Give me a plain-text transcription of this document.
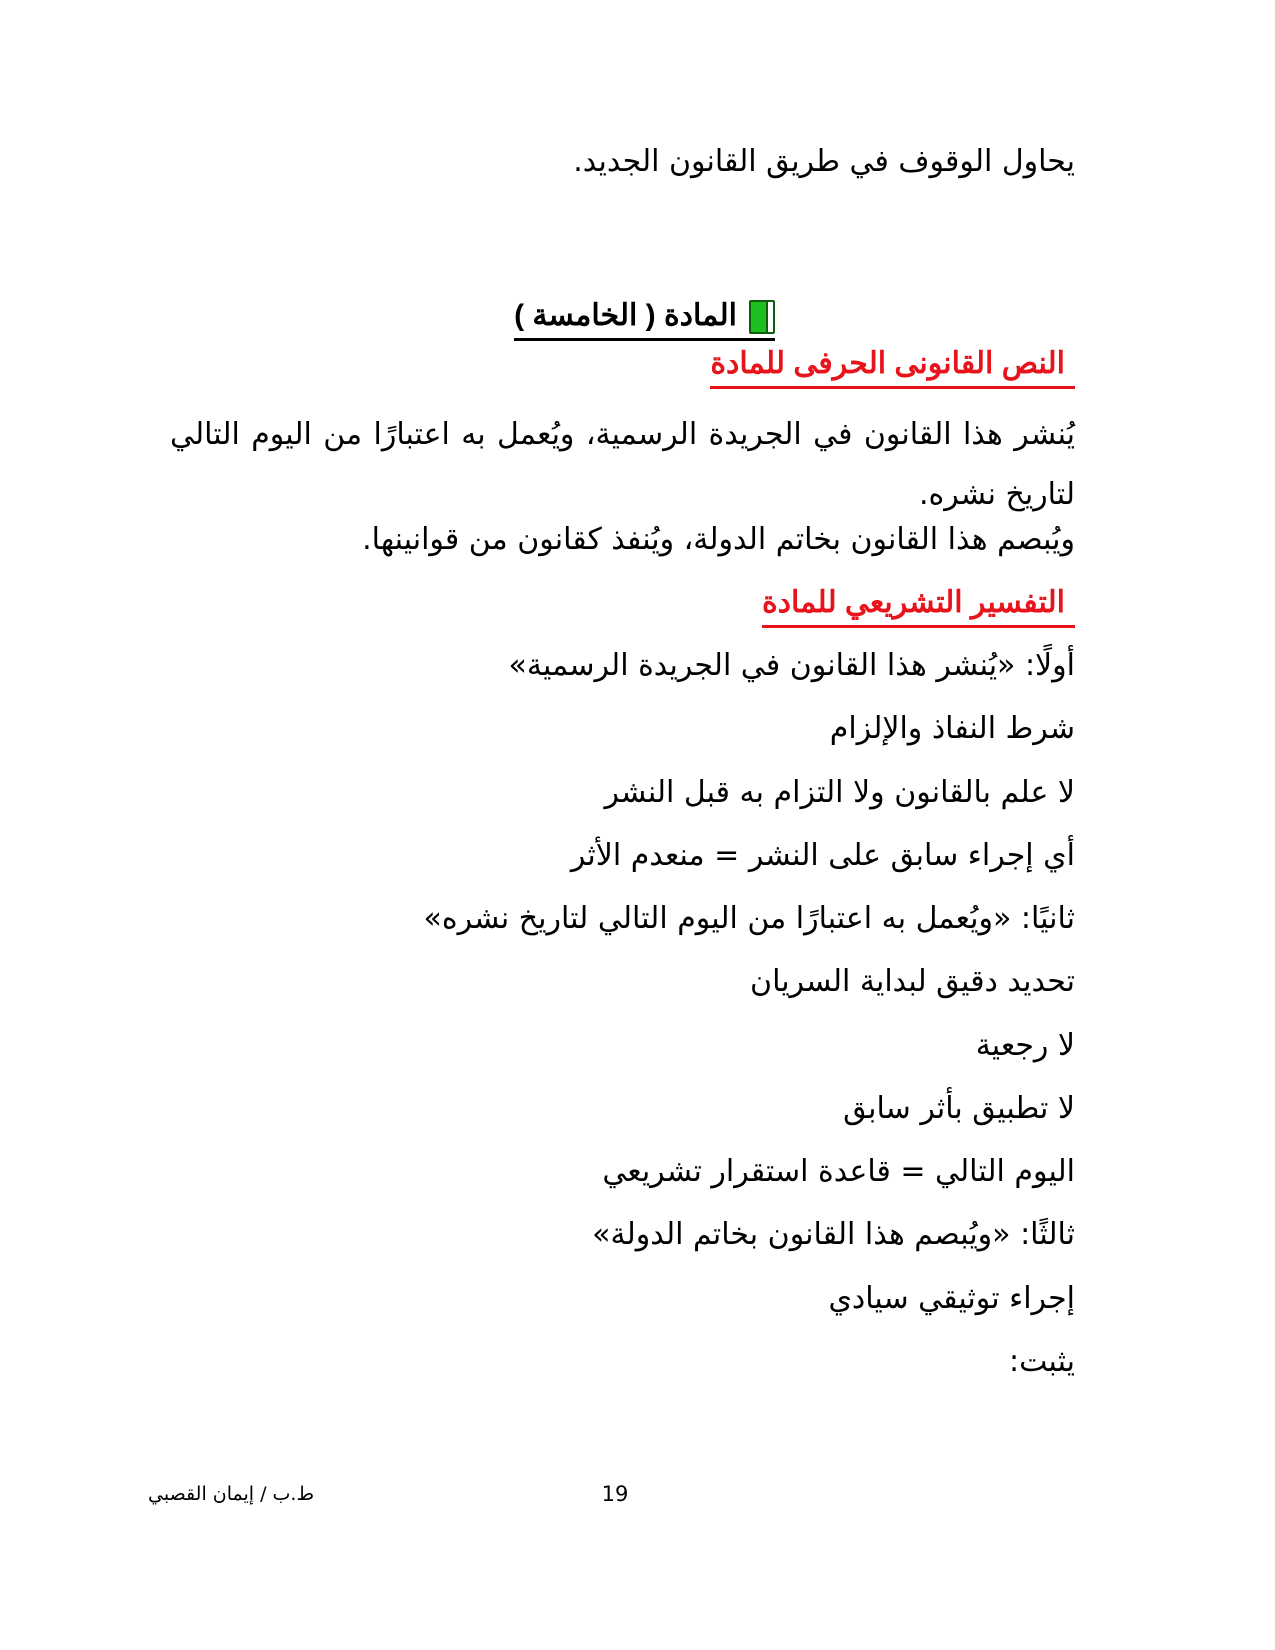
يحاول الوقوف في طريق القانون الجديد.
المادة ( الخامسة )
النص القانونى الحرفى للمادة
يُنشر هذا القانون في الجريدة الرسمية، ويُعمل به اعتبارًا من اليوم التالي لتاريخ نشره.
ويُبصم هذا القانون بخاتم الدولة، ويُنفذ كقانون من قوانينها.
التفسير التشريعي للمادة
أولًا: «يُنشر هذا القانون في الجريدة الرسمية»
شرط النفاذ والإلزام
لا علم بالقانون ولا التزام به قبل النشر
أي إجراء سابق على النشر = منعدم الأثر
ثانيًا: «ويُعمل به اعتبارًا من اليوم التالي لتاريخ نشره»
تحديد دقيق لبداية السريان
لا رجعية
لا تطبيق بأثر سابق
اليوم التالي = قاعدة استقرار تشريعي
ثالثًا: «ويُبصم هذا القانون بخاتم الدولة»
إجراء توثيقي سيادي
يثبت:
ط.ب / إيمان القصبي	19
